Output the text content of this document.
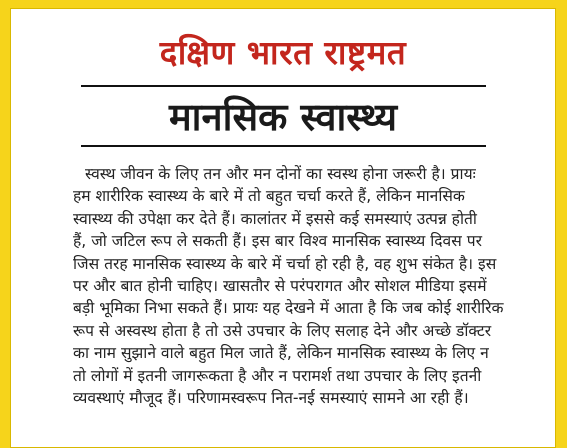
दक्षिण भारत राष्ट्रमत
मानसिक स्वास्थ्य
स्वस्थ जीवन के लिए तन और मन दोनों का स्वस्थ होना जरूरी है। प्रायः
हम शारीरिक स्वास्थ्य के बारे में तो बहुत चर्चा करते हैं, लेकिन मानसिक
स्वास्थ्य की उपेक्षा कर देते हैं। कालांतर में इससे कई समस्याएं उत्पन्न होती
हैं, जो जटिल रूप ले सकती हैं। इस बार विश्व मानसिक स्वास्थ्य दिवस पर
जिस तरह मानसिक स्वास्थ्य के बारे में चर्चा हो रही है, वह शुभ संकेत है। इस
पर और बात होनी चाहिए। खासतौर से परंपरागत और सोशल मीडिया इसमें
बड़ी भूमिका निभा सकते हैं। प्रायः यह देखने में आता है कि जब कोई शारीरिक
रूप से अस्वस्थ होता है तो उसे उपचार के लिए सलाह देने और अच्छे डॉक्टर
का नाम सुझाने वाले बहुत मिल जाते हैं, लेकिन मानसिक स्वास्थ्य के लिए न
तो लोगों में इतनी जागरूकता है और न परामर्श तथा उपचार के लिए इतनी
व्यवस्थाएं मौजूद हैं। परिणामस्वरूप नित-नई समस्याएं सामने आ रही हैं।
